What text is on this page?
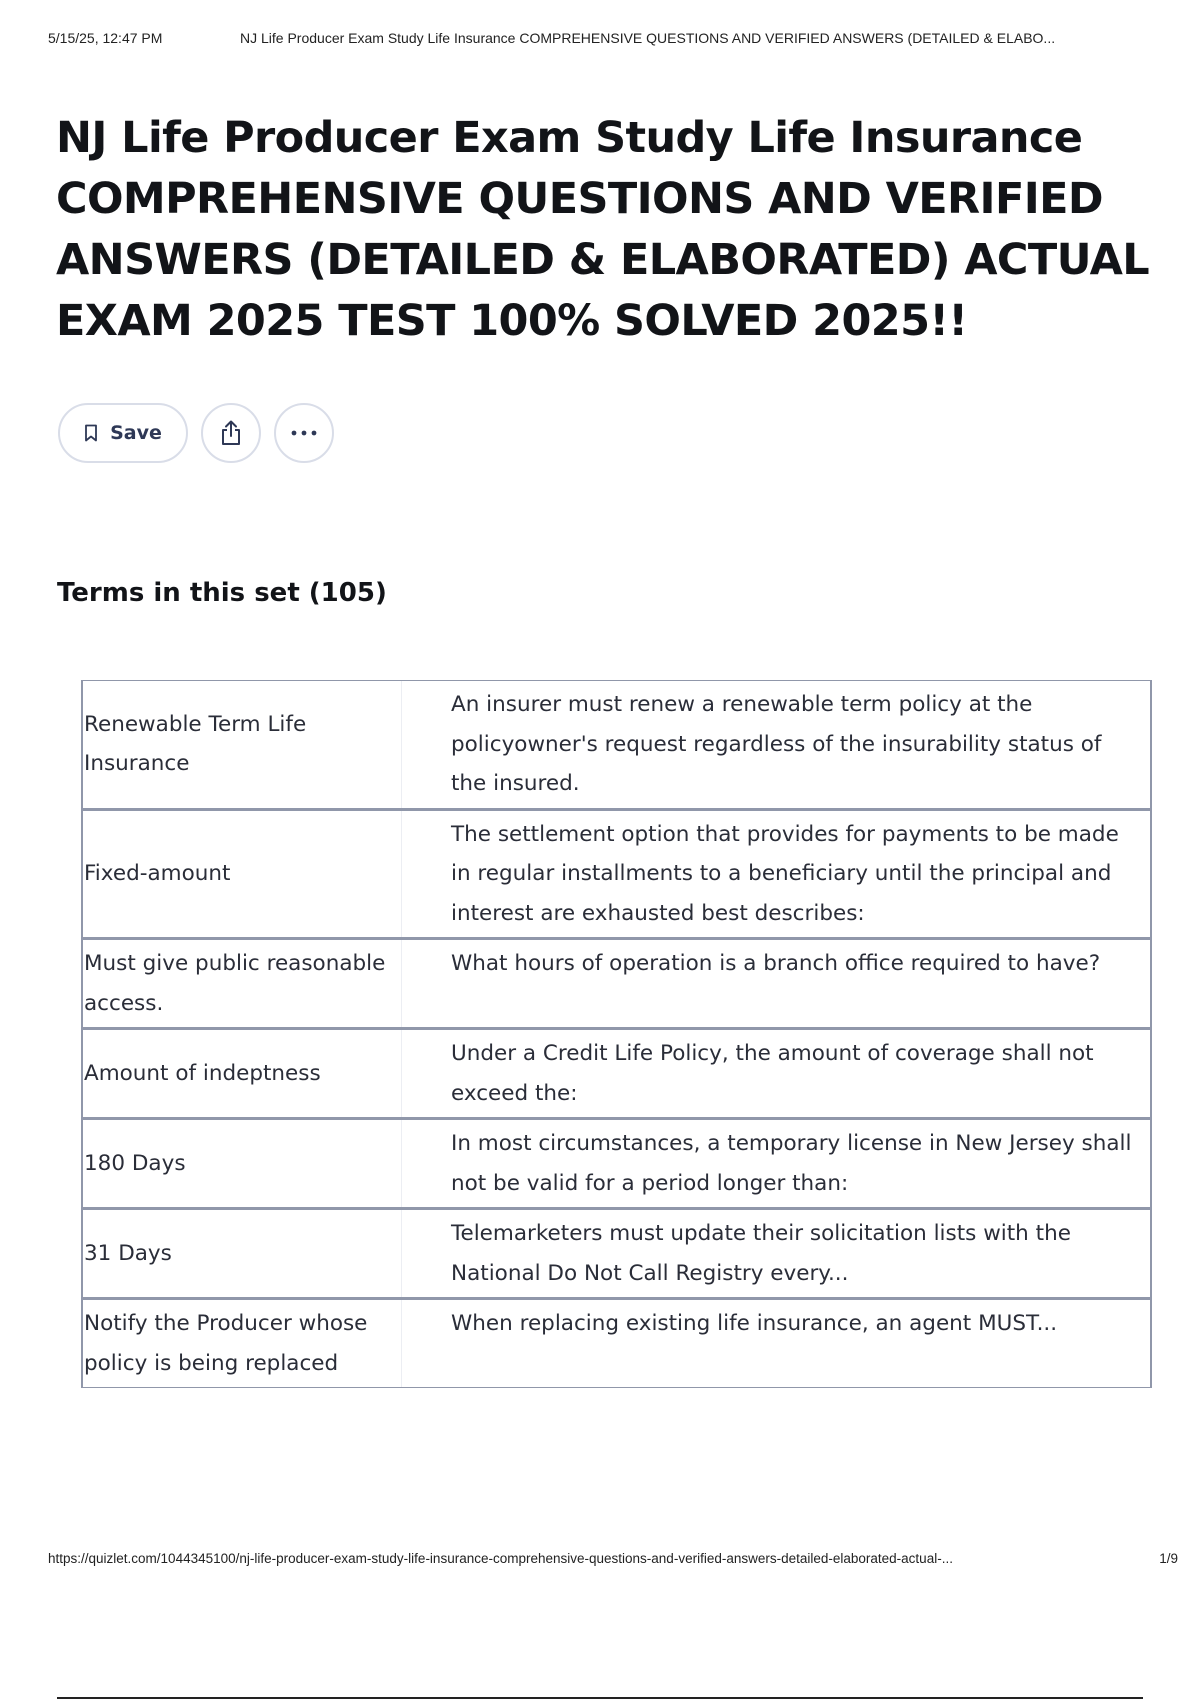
5/15/25, 12:47 PM	NJ Life Producer Exam Study Life Insurance COMPREHENSIVE QUESTIONS AND VERIFIED ANSWERS (DETAILED & ELABO...
NJ Life Producer Exam Study Life Insurance COMPREHENSIVE QUESTIONS AND VERIFIED ANSWERS (DETAILED & ELABORATED) ACTUAL EXAM 2025 TEST 100% SOLVED 2025!!
Save
Terms in this set (105)
Renewable Term Life Insurance
An insurer must renew a renewable term policy at the policyowner's request regardless of the insurability status of the insured.
Fixed-amount
The settlement option that provides for payments to be made in regular installments to a beneficiary until the principal and interest are exhausted best describes:
Must give public reasonable access.
What hours of operation is a branch office required to have?
Amount of indeptness
Under a Credit Life Policy, the amount of coverage shall not exceed the:
180 Days
In most circumstances, a temporary license in New Jersey shall not be valid for a period longer than:
31 Days
Telemarketers must update their solicitation lists with the National Do Not Call Registry every...
Notify the Producer whose policy is being replaced
When replacing existing life insurance, an agent MUST...
https://quizlet.com/1044345100/nj-life-producer-exam-study-life-insurance-comprehensive-questions-and-verified-answers-detailed-elaborated-actual-...	1/9
